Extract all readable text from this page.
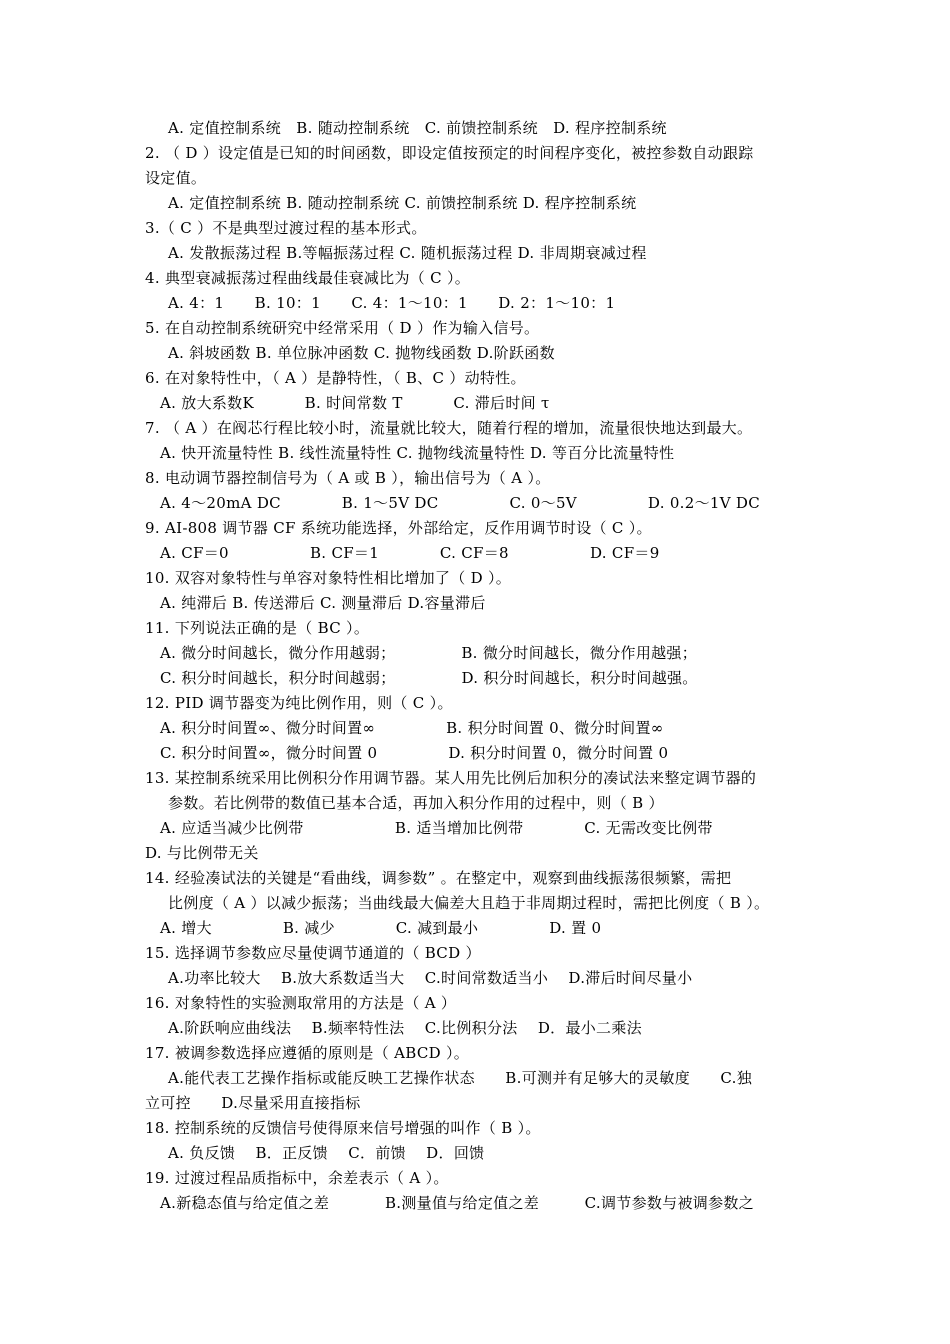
A. 定值控制系统   B. 随动控制系统   C. 前馈控制系统   D. 程序控制系统
2. （ D ）设定值是已知的时间函数，即设定值按预定的时间程序变化，被控参数自动跟踪
设定值。
A. 定值控制系统 B. 随动控制系统 C. 前馈控制系统 D. 程序控制系统
3.（ C ）不是典型过渡过程的基本形式。
A. 发散振荡过程 B.等幅振荡过程 C. 随机振荡过程 D. 非周期衰减过程
4. 典型衰减振荡过程曲线最佳衰减比为（ C ）。
A. 4：1      B. 10：1      C. 4：1～10：1      D. 2：1～10：1
5. 在自动控制系统研究中经常采用（ D ）作为输入信号。
A. 斜坡函数 B. 单位脉冲函数 C. 抛物线函数 D.阶跃函数
6. 在对象特性中，（ A ）是静特性，（ B、C ）动特性。
A. 放大系数K          B. 时间常数 T          C. 滞后时间 τ
7. （ A ）在阀芯行程比较小时，流量就比较大，随着行程的增加，流量很快地达到最大。
A. 快开流量特性 B. 线性流量特性 C. 抛物线流量特性 D. 等百分比流量特性
8. 电动调节器控制信号为（ A 或 B ），输出信号为（ A ）。
A. 4～20mA DC            B. 1～5V DC              C. 0～5V              D. 0.2～1V DC
9. AI-808 调节器 CF 系统功能选择，外部给定，反作用调节时设（ C ）。
A. CF＝0                B. CF＝1            C. CF＝8                D. CF＝9
10. 双容对象特性与单容对象特性相比增加了（ D ）。
A. 纯滞后 B. 传送滞后 C. 测量滞后 D.容量滞后
11. 下列说法正确的是（ BC ）。
A. 微分时间越长，微分作用越弱；             B. 微分时间越长，微分作用越强；
C. 积分时间越长，积分时间越弱；             D. 积分时间越长，积分时间越强。
12. PID 调节器变为纯比例作用，则（ C ）。
A. 积分时间置∞、微分时间置∞              B. 积分时间置 0、微分时间置∞
C. 积分时间置∞，微分时间置 0              D. 积分时间置 0，微分时间置 0
13. 某控制系统采用比例积分作用调节器。某人用先比例后加积分的凑试法来整定调节器的
参数。若比例带的数值已基本合适，再加入积分作用的过程中，则（ B ）
A. 应适当减少比例带                  B. 适当增加比例带            C. 无需改变比例带
D. 与比例带无关
14. 经验凑试法的关键是“看曲线，调参数” 。在整定中，观察到曲线振荡很频繁，需把
比例度（ A ）以减少振荡；当曲线最大偏差大且趋于非周期过程时，需把比例度（ B ）。
A. 增大              B. 减少            C. 减到最小              D. 置 0
15. 选择调节参数应尽量使调节通道的（ BCD ）
A.功率比较大    B.放大系数适当大    C.时间常数适当小    D.滞后时间尽量小
16. 对象特性的实验测取常用的方法是（ A ）
A.阶跃响应曲线法    B.频率特性法    C.比例积分法    D．最小二乘法
17. 被调参数选择应遵循的原则是（ ABCD ）。
A.能代表工艺操作指标或能反映工艺操作状态      B.可测并有足够大的灵敏度      C.独
立可控      D.尽量采用直接指标
18. 控制系统的反馈信号使得原来信号增强的叫作（ B ）。
A. 负反馈    B．正反馈    C．前馈    D．回馈
19. 过渡过程品质指标中，余差表示（ A ）。
A.新稳态值与给定值之差           B.测量值与给定值之差         C.调节参数与被调参数之
